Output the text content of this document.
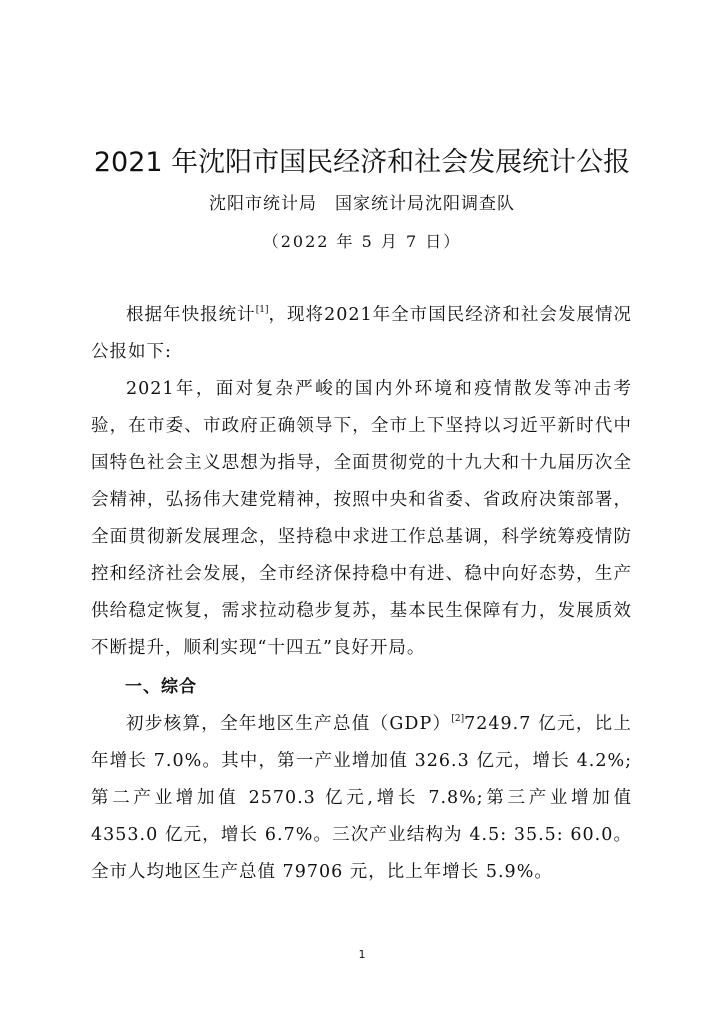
2021 年沈阳市国民经济和社会发展统计公报
沈阳市统计局　国家统计局沈阳调查队
（2022 年 5 月 7 日）

根据年快报统计[1]，现将2021年全市国民经济和社会发展情况公报如下:

2021年，面对复杂严峻的国内外环境和疫情散发等冲击考验，在市委、市政府正确领导下，全市上下坚持以习近平新时代中国特色社会主义思想为指导，全面贯彻党的十九大和十九届历次全会精神，弘扬伟大建党精神，按照中央和省委、省政府决策部署，全面贯彻新发展理念，坚持稳中求进工作总基调，科学统筹疫情防控和经济社会发展，全市经济保持稳中有进、稳中向好态势，生产供给稳定恢复，需求拉动稳步复苏，基本民生保障有力，发展质效不断提升，顺利实现“十四五”良好开局。

一、综合

初步核算，全年地区生产总值（GDP）[2]7249.7 亿元，比上年增长 7.0%。其中，第一产业增加值 326.3 亿元，增长 4.2%;第二产业增加值 2570.3 亿元,增长 7.8%;第三产业增加值 4353.0 亿元，增长 6.7%。三次产业结构为 4.5: 35.5: 60.0。全市人均地区生产总值 79706 元，比上年增长 5.9%。

1
